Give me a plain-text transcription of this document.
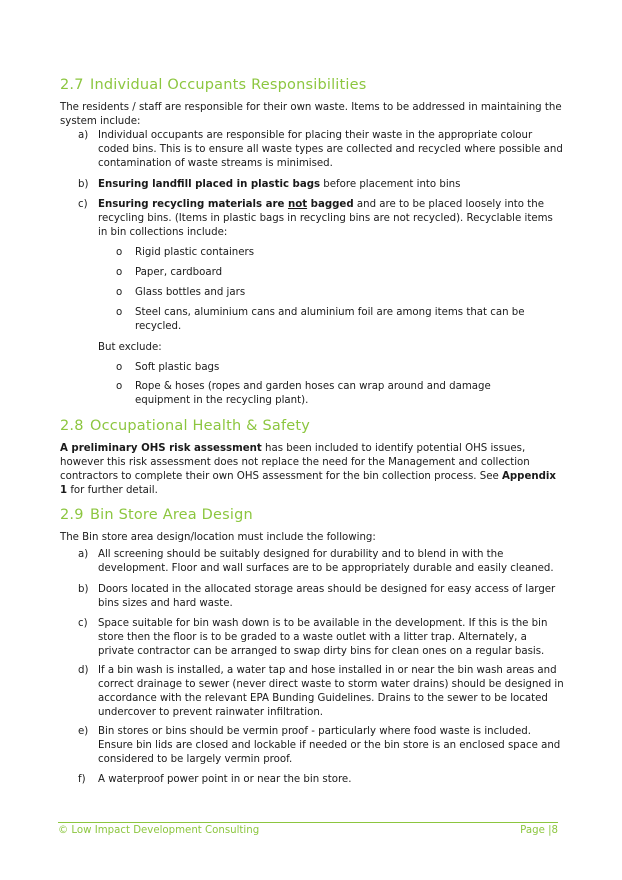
2.7 Individual Occupants Responsibilities

The residents / staff are responsible for their own waste. Items to be addressed in maintaining the system include:

a) Individual occupants are responsible for placing their waste in the appropriate colour coded bins. This is to ensure all waste types are collected and recycled where possible and contamination of waste streams is minimised.
b) Ensuring landfill placed in plastic bags before placement into bins
c) Ensuring recycling materials are not bagged and are to be placed loosely into the recycling bins. (Items in plastic bags in recycling bins are not recycled). Recyclable items in bin collections include:
o Rigid plastic containers
o Paper, cardboard
o Glass bottles and jars
o Steel cans, aluminium cans and aluminium foil are among items that can be recycled.
But exclude:
o Soft plastic bags
o Rope & hoses (ropes and garden hoses can wrap around and damage equipment in the recycling plant).
2.8 Occupational Health & Safety

A preliminary OHS risk assessment has been included to identify potential OHS issues, however this risk assessment does not replace the need for the Management and collection contractors to complete their own OHS assessment for the bin collection process. See Appendix 1 for further detail.

2.9 Bin Store Area Design

The Bin store area design/location must include the following:

a) All screening should be suitably designed for durability and to blend in with the development. Floor and wall surfaces are to be appropriately durable and easily cleaned.
b) Doors located in the allocated storage areas should be designed for easy access of larger bins sizes and hard waste.
c) Space suitable for bin wash down is to be available in the development. If this is the bin store then the floor is to be graded to a waste outlet with a litter trap. Alternately, a private contractor can be arranged to swap dirty bins for clean ones on a regular basis.
d) If a bin wash is installed, a water tap and hose installed in or near the bin wash areas and correct drainage to sewer (never direct waste to storm water drains) should be designed in accordance with the relevant EPA Bunding Guidelines. Drains to the sewer to be located undercover to prevent rainwater infiltration.
e) Bin stores or bins should be vermin proof - particularly where food waste is included. Ensure bin lids are closed and lockable if needed or the bin store is an enclosed space and considered to be largely vermin proof.
f) A waterproof power point in or near the bin store.
© Low Impact Development Consulting	Page |8
